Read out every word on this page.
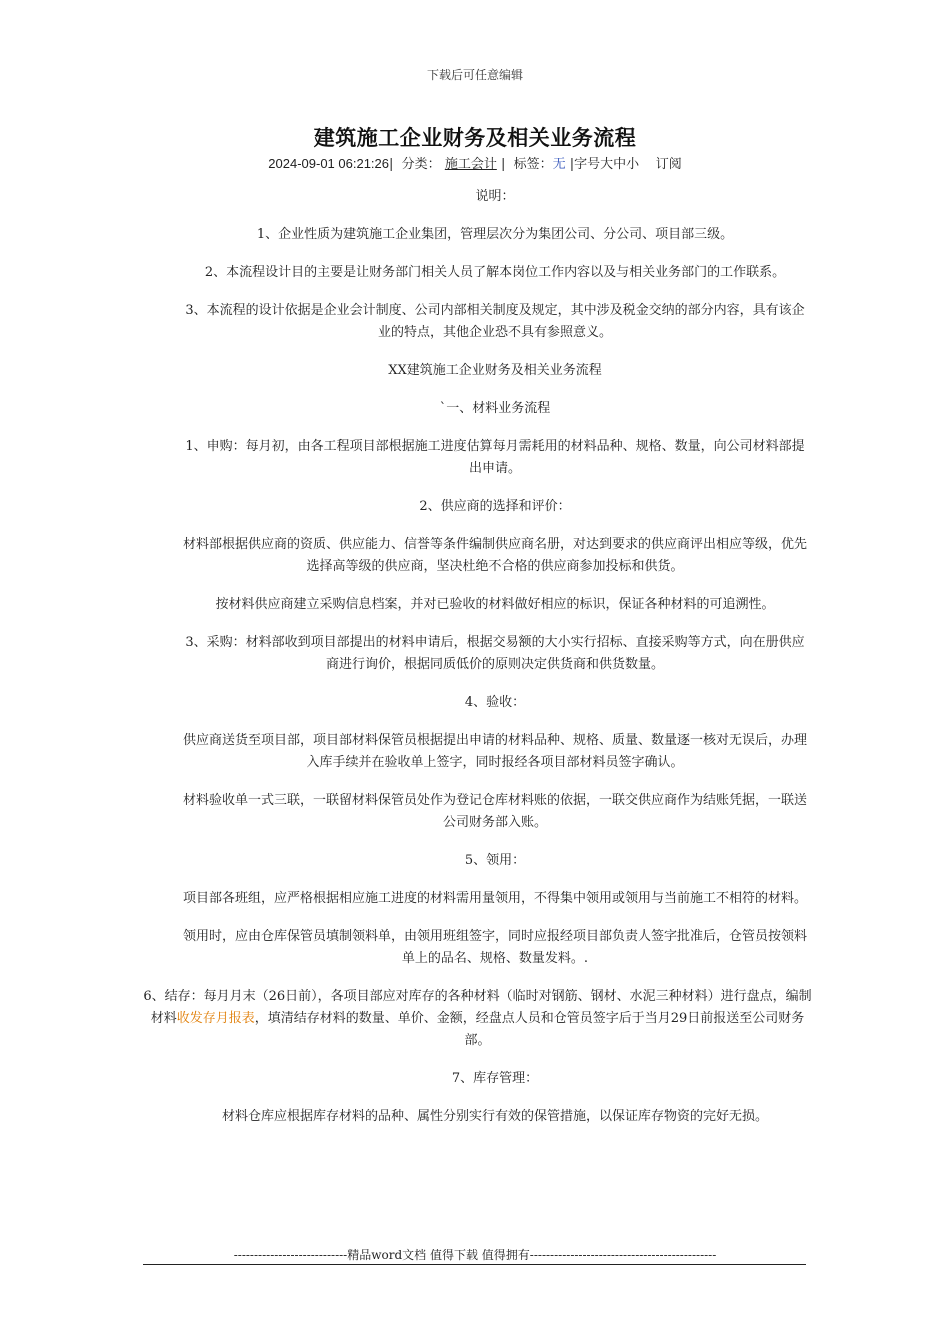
下载后可任意编辑
建筑施工企业财务及相关业务流程
2024-09-01 06:21:26|  分类： 施工会计 |  标签：无 |字号大中小 订阅

说明：

1、企业性质为建筑施工企业集团，管理层次分为集团公司、分公司、项目部三级。

2、本流程设计目的主要是让财务部门相关人员了解本岗位工作内容以及与相关业务部门的工作联系。

3、本流程的设计依据是企业会计制度、公司内部相关制度及规定，其中涉及税金交纳的部分内容，具有该企业的特点，其他企业恐不具有参照意义。

XX建筑施工企业财务及相关业务流程

`一、材料业务流程

1、申购：每月初，由各工程项目部根据施工进度估算每月需耗用的材料品种、规格、数量，向公司材料部提出申请。

2、供应商的选择和评价：

材料部根据供应商的资质、供应能力、信誉等条件编制供应商名册，对达到要求的供应商评出相应等级，优先选择高等级的供应商，坚决杜绝不合格的供应商参加投标和供货。

按材料供应商建立采购信息档案，并对已验收的材料做好相应的标识，保证各种材料的可追溯性。

3、采购：材料部收到项目部提出的材料申请后，根据交易额的大小实行招标、直接采购等方式，向在册供应商进行询价，根据同质低价的原则决定供货商和供货数量。

4、验收：

供应商送货至项目部，项目部材料保管员根据提出申请的材料品种、规格、质量、数量逐一核对无误后，办理入库手续并在验收单上签字，同时报经各项目部材料员签字确认。

材料验收单一式三联，一联留材料保管员处作为登记仓库材料账的依据，一联交供应商作为结账凭据，一联送公司财务部入账。

5、领用：

项目部各班组，应严格根据相应施工进度的材料需用量领用，不得集中领用或领用与当前施工不相符的材料。

领用时，应由仓库保管员填制领料单，由领用班组签字，同时应报经项目部负责人签字批准后，仓管员按领料单上的品名、规格、数量发料。.

6、结存：每月月末（26日前），各项目部应对库存的各种材料（临时对钢筋、钢材、水泥三种材料）进行盘点，编制材料收发存月报表，填清结存材料的数量、单价、金额，经盘点人员和仓管员签字后于当月29日前报送至公司财务部。

7、库存管理：

材料仓库应根据库存材料的品种、属性分别实行有效的保管措施，以保证库存物资的完好无损。

----------------------------精品word文档 值得下载 值得拥有----------------------------------------------
